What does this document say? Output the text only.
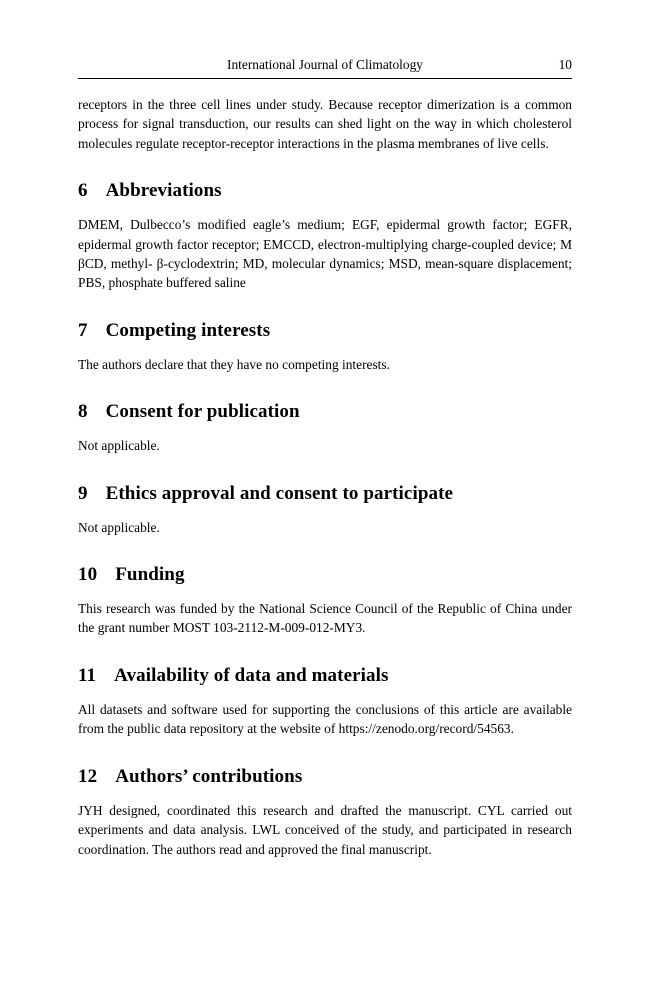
International Journal of Climatology	10

receptors in the three cell lines under study. Because receptor dimerization is a common process for signal transduction, our results can shed light on the way in which cholesterol molecules regulate receptor-receptor interactions in the plasma membranes of live cells.

6 Abbreviations

DMEM, Dulbecco’s modified eagle’s medium; EGF, epidermal growth factor; EGFR, epidermal growth factor receptor; EMCCD, electron-multiplying charge-coupled device; M βCD, methyl- β-cyclodextrin; MD, molecular dynamics; MSD, mean-square displacement; PBS, phosphate buffered saline

7 Competing interests

The authors declare that they have no competing interests.

8 Consent for publication

Not applicable.

9 Ethics approval and consent to participate

Not applicable.

10 Funding

This research was funded by the National Science Council of the Republic of China under the grant number MOST 103-2112-M-009-012-MY3.

11 Availability of data and materials

All datasets and software used for supporting the conclusions of this article are available from the public data repository at the website of https://zenodo.org/record/54563.

12 Authors’ contributions

JYH designed, coordinated this research and drafted the manuscript. CYL carried out experiments and data analysis. LWL conceived of the study, and participated in research coordination. The authors read and approved the final manuscript.
